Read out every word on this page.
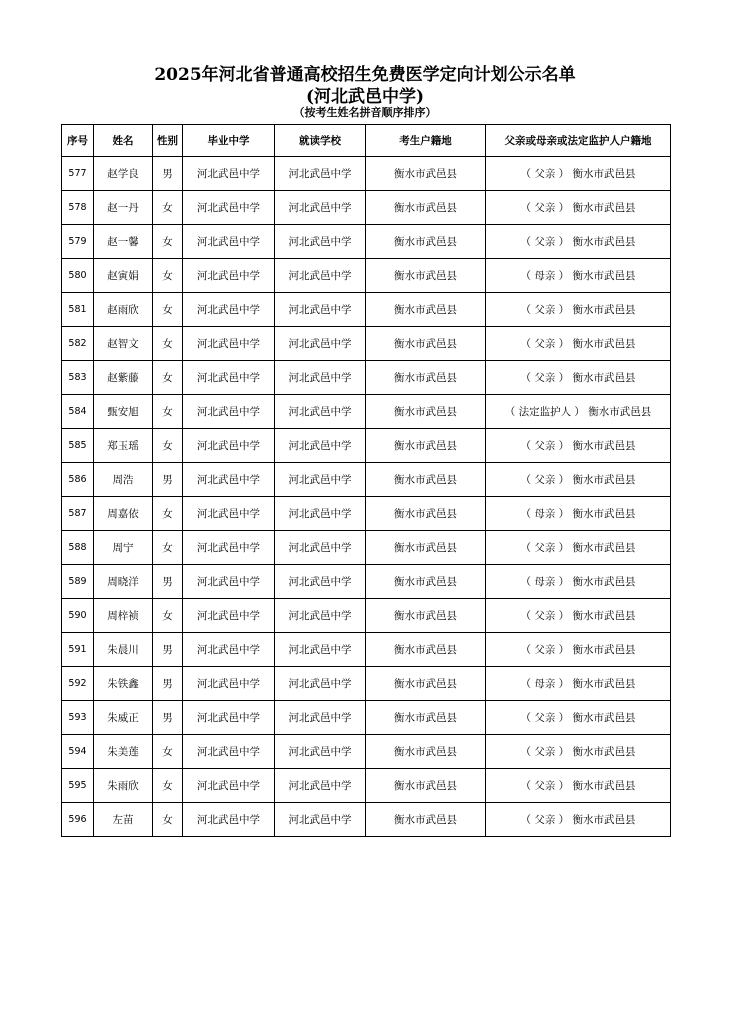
2025年河北省普通高校招生免费医学定向计划公示名单
(河北武邑中学)
（按考生姓名拼音顺序排序）
序号	姓名	性别	毕业中学	就读学校	考生户籍地	父亲或母亲或法定监护人户籍地
577	赵学良	男	河北武邑中学	河北武邑中学	衡水市武邑县	（ 父亲 ） 衡水市武邑县
578	赵一丹	女	河北武邑中学	河北武邑中学	衡水市武邑县	（ 父亲 ） 衡水市武邑县
579	赵一馨	女	河北武邑中学	河北武邑中学	衡水市武邑县	（ 父亲 ） 衡水市武邑县
580	赵寅娟	女	河北武邑中学	河北武邑中学	衡水市武邑县	（ 母亲 ） 衡水市武邑县
581	赵雨欣	女	河北武邑中学	河北武邑中学	衡水市武邑县	（ 父亲 ） 衡水市武邑县
582	赵智文	女	河北武邑中学	河北武邑中学	衡水市武邑县	（ 父亲 ） 衡水市武邑县
583	赵紫藤	女	河北武邑中学	河北武邑中学	衡水市武邑县	（ 父亲 ） 衡水市武邑县
584	甄安旭	女	河北武邑中学	河北武邑中学	衡水市武邑县	（ 法定监护人 ） 衡水市武邑县
585	郑玉瑶	女	河北武邑中学	河北武邑中学	衡水市武邑县	（ 父亲 ） 衡水市武邑县
586	周浩	男	河北武邑中学	河北武邑中学	衡水市武邑县	（ 父亲 ） 衡水市武邑县
587	周嘉依	女	河北武邑中学	河北武邑中学	衡水市武邑县	（ 母亲 ） 衡水市武邑县
588	周宁	女	河北武邑中学	河北武邑中学	衡水市武邑县	（ 父亲 ） 衡水市武邑县
589	周晓洋	男	河北武邑中学	河北武邑中学	衡水市武邑县	（ 母亲 ） 衡水市武邑县
590	周梓祯	女	河北武邑中学	河北武邑中学	衡水市武邑县	（ 父亲 ） 衡水市武邑县
591	朱晨川	男	河北武邑中学	河北武邑中学	衡水市武邑县	（ 父亲 ） 衡水市武邑县
592	朱铁鑫	男	河北武邑中学	河北武邑中学	衡水市武邑县	（ 母亲 ） 衡水市武邑县
593	朱威正	男	河北武邑中学	河北武邑中学	衡水市武邑县	（ 父亲 ） 衡水市武邑县
594	朱美莲	女	河北武邑中学	河北武邑中学	衡水市武邑县	（ 父亲 ） 衡水市武邑县
595	朱雨欣	女	河北武邑中学	河北武邑中学	衡水市武邑县	（ 父亲 ） 衡水市武邑县
596	左苗	女	河北武邑中学	河北武邑中学	衡水市武邑县	（ 父亲 ） 衡水市武邑县
